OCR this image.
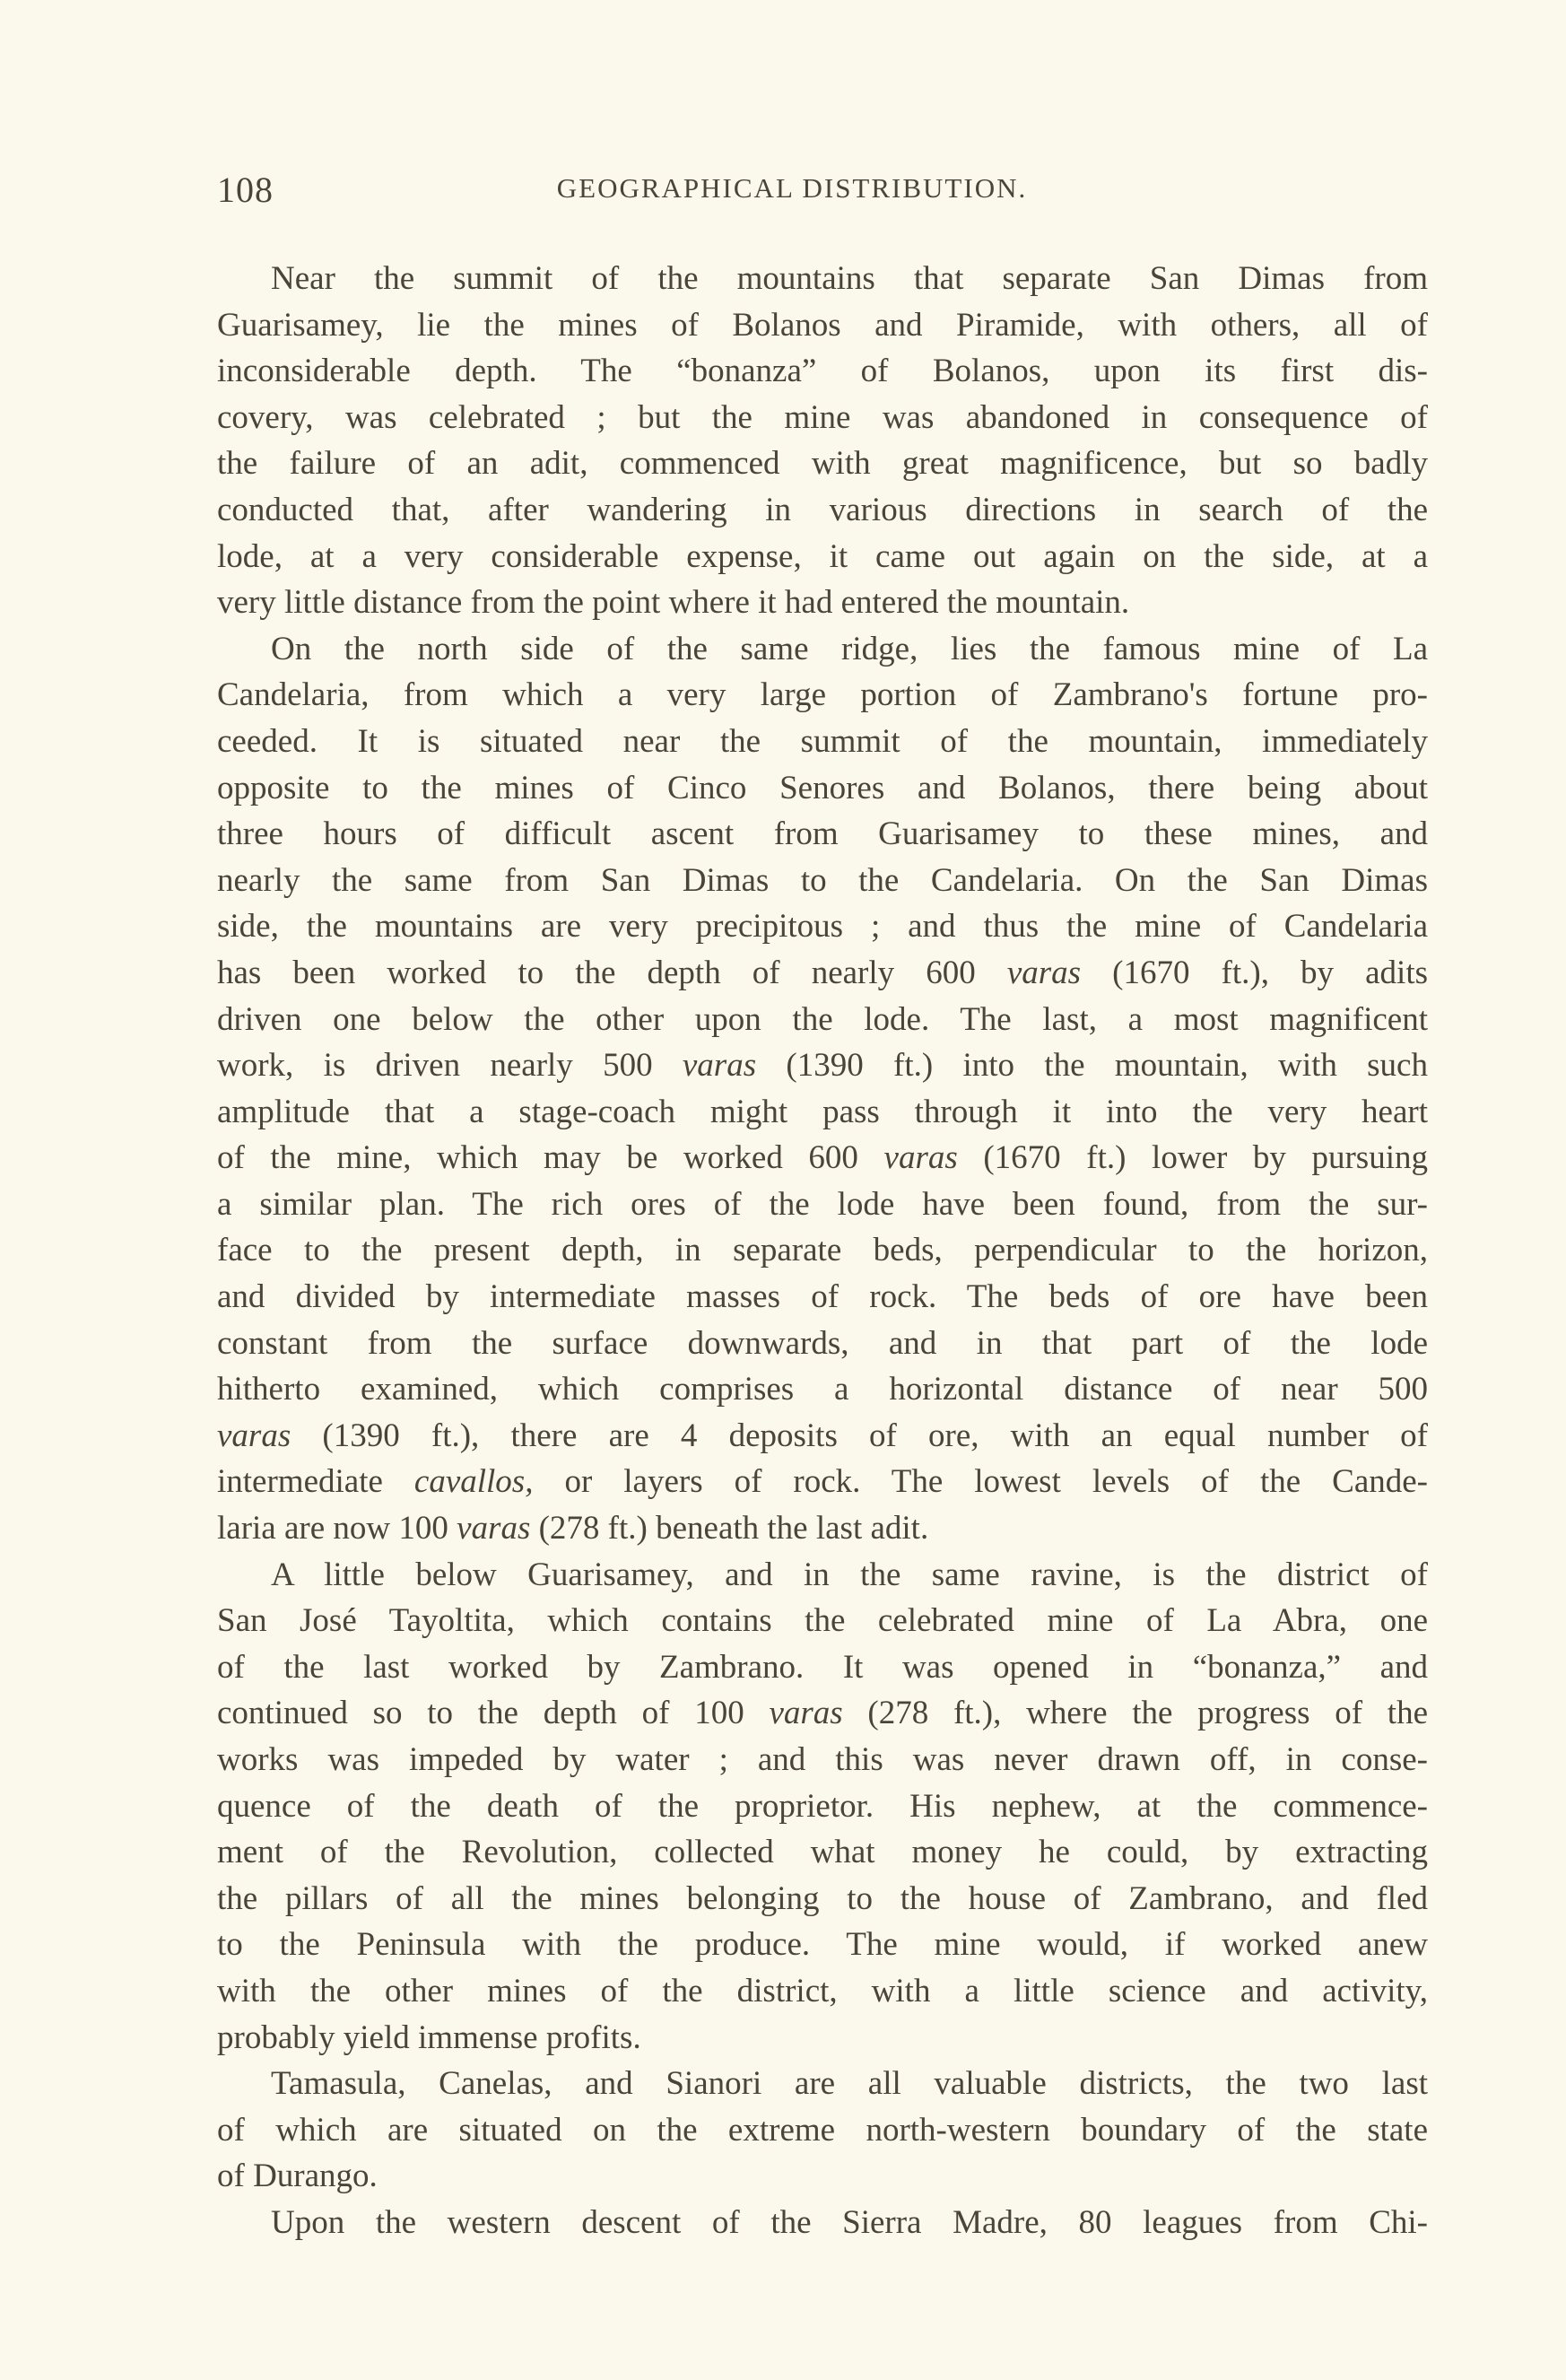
108	GEOGRAPHICAL DISTRIBUTION.
Near the summit of the mountains that separate San Dimas from
Guarisamey, lie the mines of Bolanos and Piramide, with others, all of
inconsiderable depth. The “bonanza” of Bolanos, upon its first dis-
covery, was celebrated ; but the mine was abandoned in consequence of
the failure of an adit, commenced with great magnificence, but so badly
conducted that, after wandering in various directions in search of the
lode, at a very considerable expense, it came out again on the side, at a
very little distance from the point where it had entered the mountain.
On the north side of the same ridge, lies the famous mine of La
Candelaria, from which a very large portion of Zambrano's fortune pro-
ceeded. It is situated near the summit of the mountain, immediately
opposite to the mines of Cinco Senores and Bolanos, there being about
three hours of difficult ascent from Guarisamey to these mines, and
nearly the same from San Dimas to the Candelaria. On the San Dimas
side, the mountains are very precipitous ; and thus the mine of Candelaria
has been worked to the depth of nearly 600 varas (1670 ft.), by adits
driven one below the other upon the lode. The last, a most magnificent
work, is driven nearly 500 varas (1390 ft.) into the mountain, with such
amplitude that a stage-coach might pass through it into the very heart
of the mine, which may be worked 600 varas (1670 ft.) lower by pursuing
a similar plan. The rich ores of the lode have been found, from the sur-
face to the present depth, in separate beds, perpendicular to the horizon,
and divided by intermediate masses of rock. The beds of ore have been
constant from the surface downwards, and in that part of the lode
hitherto examined, which comprises a horizontal distance of near 500
varas (1390 ft.), there are 4 deposits of ore, with an equal number of
intermediate cavallos, or layers of rock. The lowest levels of the Cande-
laria are now 100 varas (278 ft.) beneath the last adit.
A little below Guarisamey, and in the same ravine, is the district of
San José Tayoltita, which contains the celebrated mine of La Abra, one
of the last worked by Zambrano. It was opened in “bonanza,” and
continued so to the depth of 100 varas (278 ft.), where the progress of the
works was impeded by water ; and this was never drawn off, in conse-
quence of the death of the proprietor. His nephew, at the commence-
ment of the Revolution, collected what money he could, by extracting
the pillars of all the mines belonging to the house of Zambrano, and fled
to the Peninsula with the produce. The mine would, if worked anew
with the other mines of the district, with a little science and activity,
probably yield immense profits.
Tamasula, Canelas, and Sianori are all valuable districts, the two last
of which are situated on the extreme north-western boundary of the state
of Durango.
Upon the western descent of the Sierra Madre, 80 leagues from Chi-
